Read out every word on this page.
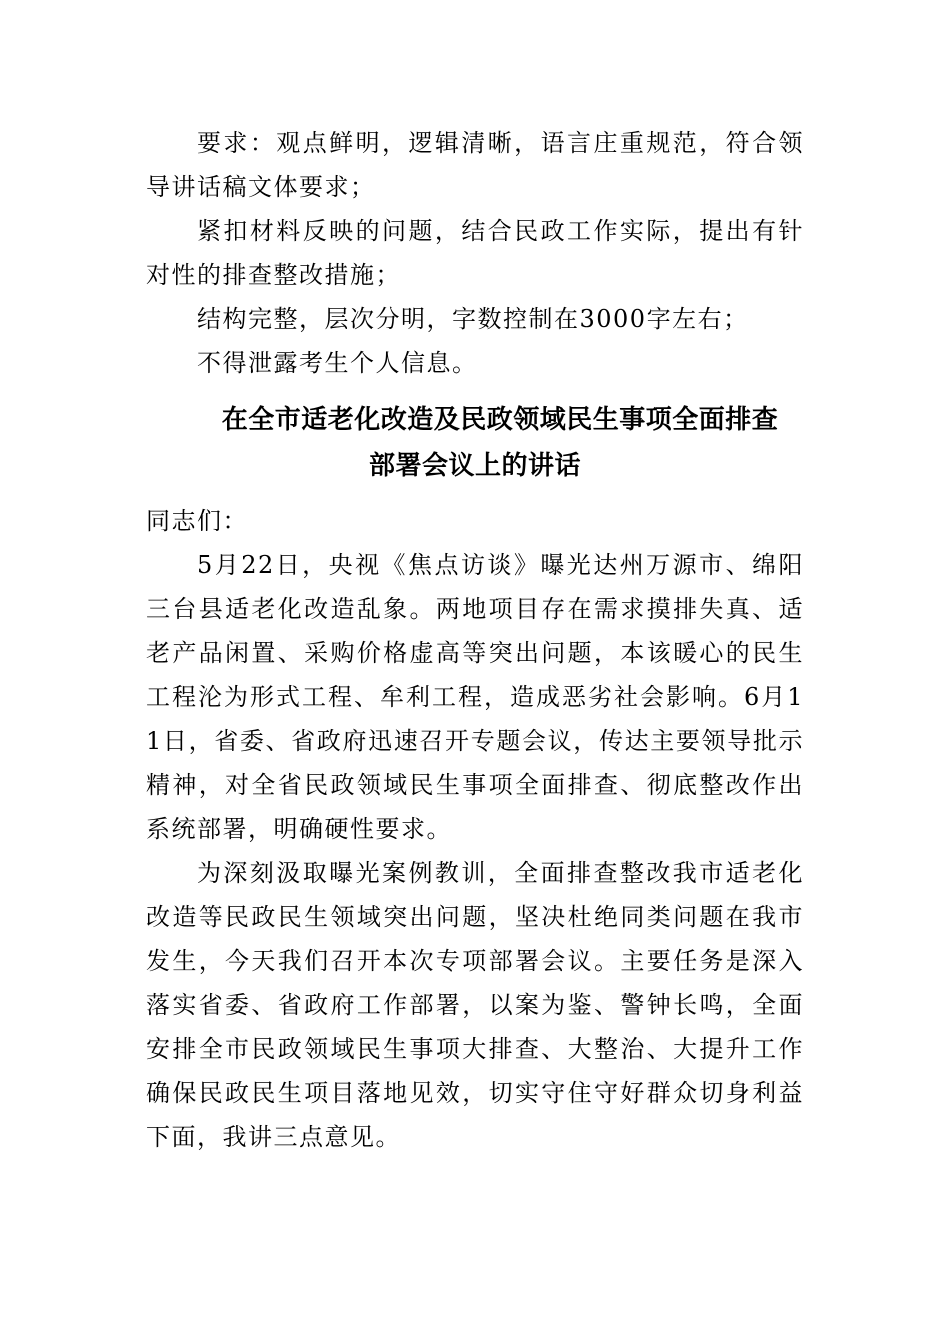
要求：观点鲜明，逻辑清晰，语言庄重规范，符合领导讲话稿文体要求；

紧扣材料反映的问题，结合民政工作实际，提出有针对性的排查整改措施；

结构完整，层次分明，字数控制在3000字左右；

不得泄露考生个人信息。

在全市适老化改造及民政领域民生事项全面排查
部署会议上的讲话

同志们：

5月22日，央视《焦点访谈》曝光达州万源市、绵阳三台县适老化改造乱象。两地项目存在需求摸排失真、适老产品闲置、采购价格虚高等突出问题，本该暖心的民生工程沦为形式工程、牟利工程，造成恶劣社会影响。6月11日，省委、省政府迅速召开专题会议，传达主要领导批示精神，对全省民政领域民生事项全面排查、彻底整改作出系统部署，明确硬性要求。

为深刻汲取曝光案例教训，全面排查整改我市适老化改造等民政民生领域突出问题，坚决杜绝同类问题在我市发生，今天我们召开本次专项部署会议。主要任务是深入落实省委、省政府工作部署，以案为鉴、警钟长鸣，全面安排全市民政领域民生事项大排查、大整治、大提升工作确保民政民生项目落地见效，切实守住守好群众切身利益下面，我讲三点意见。
